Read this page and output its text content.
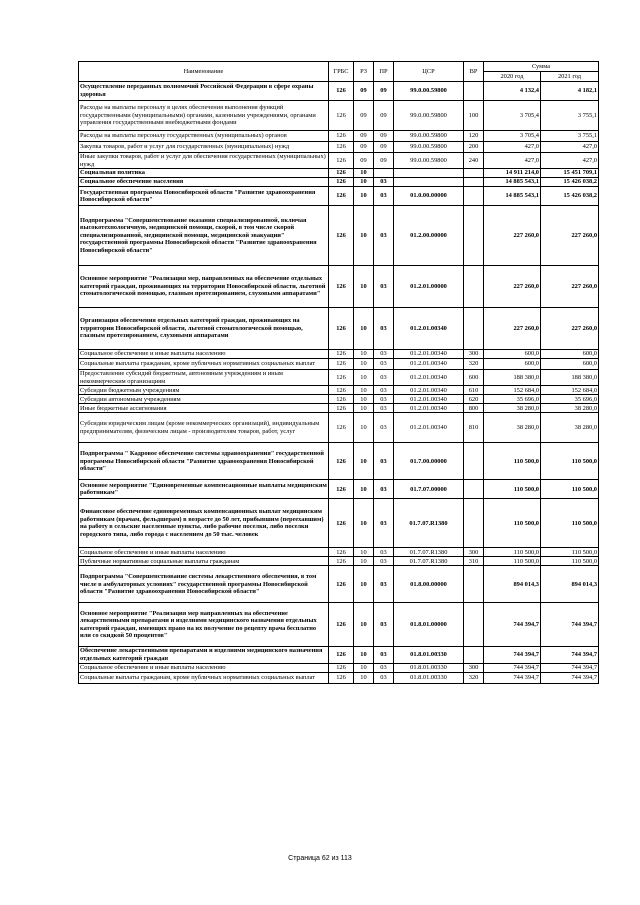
Наименование	ГРБС	РЗ	ПР	ЦСР	ВР	Сумма	
						2020 год	2021 год
Осуществление переданных полномочий Российской Федерации в сфере охраны здоровья	126	09	09	99.0.00.59800		4 132,4	4 182,1
Расходы на выплаты персоналу в целях обеспечения выполнения функций государственными (муниципальными) органами, казенными учреждениями, органами управления государственными внебюджетными фондами	126	09	09	99.0.00.59800	100	3 705,4	3 755,1
Расходы на выплаты персоналу государственных (муниципальных) органов	126	09	09	99.0.00.59800	120	3 705,4	3 755,1
Закупка товаров, работ и услуг для государственных (муниципальных) нужд	126	09	09	99.0.00.59800	200	427,0	427,0
Иные закупки товаров, работ и услуг для обеспечения государственных (муниципальных) нужд	126	09	09	99.0.00.59800	240	427,0	427,0
Социальная политика	126	10				14 911 214,0	15 451 709,1
Социальное обеспечение населения	126	10	03			14 885 543,1	15 426 038,2
Государственная программа Новосибирской области "Развитие здравоохранения Новосибирской области"	126	10	03	01.0.00.00000		14 885 543,1	15 426 038,2
Подпрограмма "Совершенствование оказания специализированной, включая высокотехнологичную, медицинской помощи, скорой, в том числе скорой специализированной, медицинской помощи, медицинской эвакуации" государственной программы Новосибирской области "Развитие здравоохранения Новосибирской области"	126	10	03	01.2.00.00000		227 260,0	227 260,0
Основное мероприятие "Реализация мер, направленных на обеспечение отдельных категорий граждан, проживающих на территории Новосибирской области, льготной стоматологической помощью, глазным протезированием, слуховыми аппаратами"	126	10	03	01.2.01.00000		227 260,0	227 260,0
Организация обеспечения отдельных категорий граждан, проживающих на территории Новосибирской области, льготной стоматологической помощью, глазным протезированием, слуховыми аппаратами	126	10	03	01.2.01.00340		227 260,0	227 260,0
Социальное обеспечение и иные выплаты населению	126	10	03	01.2.01.00340	300	600,0	600,0
Социальные выплаты гражданам, кроме публичных нормативных социальных выплат	126	10	03	01.2.01.00340	320	600,0	600,0
Предоставление субсидий бюджетным, автономным учреждениям и иным некоммерческим организациям	126	10	03	01.2.01.00340	600	188 380,0	188 380,0
Субсидии бюджетным учреждениям	126	10	03	01.2.01.00340	610	152 684,0	152 684,0
Субсидии автономным учреждениям	126	10	03	01.2.01.00340	620	35 696,0	35 696,0
Иные бюджетные ассигнования	126	10	03	01.2.01.00340	800	38 280,0	38 280,0
Субсидии юридическим лицам (кроме некоммерческих организаций), индивидуальным предпринимателям, физическим лицам - производителям товаров, работ, услуг	126	10	03	01.2.01.00340	810	38 280,0	38 280,0
Подпрограмма " Кадровое обеспечение системы здравоохранения" государственной программы Новосибирской области "Развитие здравоохранения Новосибирской области"	126	10	03	01.7.00.00000		110 500,0	110 500,0
Основное мероприятие "Единовременные компенсационные выплаты медицинским работникам"	126	10	03	01.7.07.00000		110 500,0	110 500,0
Финансовое обеспечение единовременных компенсационных выплат медицинским работникам (врачам, фельдшерам) в возрасте до 50 лет, прибывшим (переехавшим) на работу в сельские населенные пункты, либо рабочие поселки, либо поселки городского типа, либо города с населением до 50 тыс. человек	126	10	03	01.7.07.R1380		110 500,0	110 500,0
Социальное обеспечение и иные выплаты населению	126	10	03	01.7.07.R1380	300	110 500,0	110 500,0
Публичные нормативные социальные выплаты гражданам	126	10	03	01.7.07.R1380	310	110 500,0	110 500,0
Подпрограмма "Совершенствование системы лекарственного обеспечения, в том числе в амбулаторных условиях" государственной программы Новосибирской области "Развитие здравоохранения Новосибирской области"	126	10	03	01.8.00.00000		894 014,3	894 014,3
Основное мероприятие "Реализация мер направленных на обеспечение лекарственными препаратами и изделиями медицинского назначения отдельных категорий граждан, имеющих право на их получение по рецепту врача бесплатно или со скидкой 50 процентов"	126	10	03	01.8.01.00000		744 394,7	744 394,7
Обеспечение лекарственными препаратами и изделиями медицинского назначения отдельных категорий граждан	126	10	03	01.8.01.00330		744 394,7	744 394,7
Социальное обеспечение и иные выплаты населению	126	10	03	01.8.01.00330	300	744 394,7	744 394,7
Социальные выплаты гражданам, кроме публичных нормативных социальных выплат	126	10	03	01.8.01.00330	320	744 394,7	744 394,7
Страница 62 из 113
